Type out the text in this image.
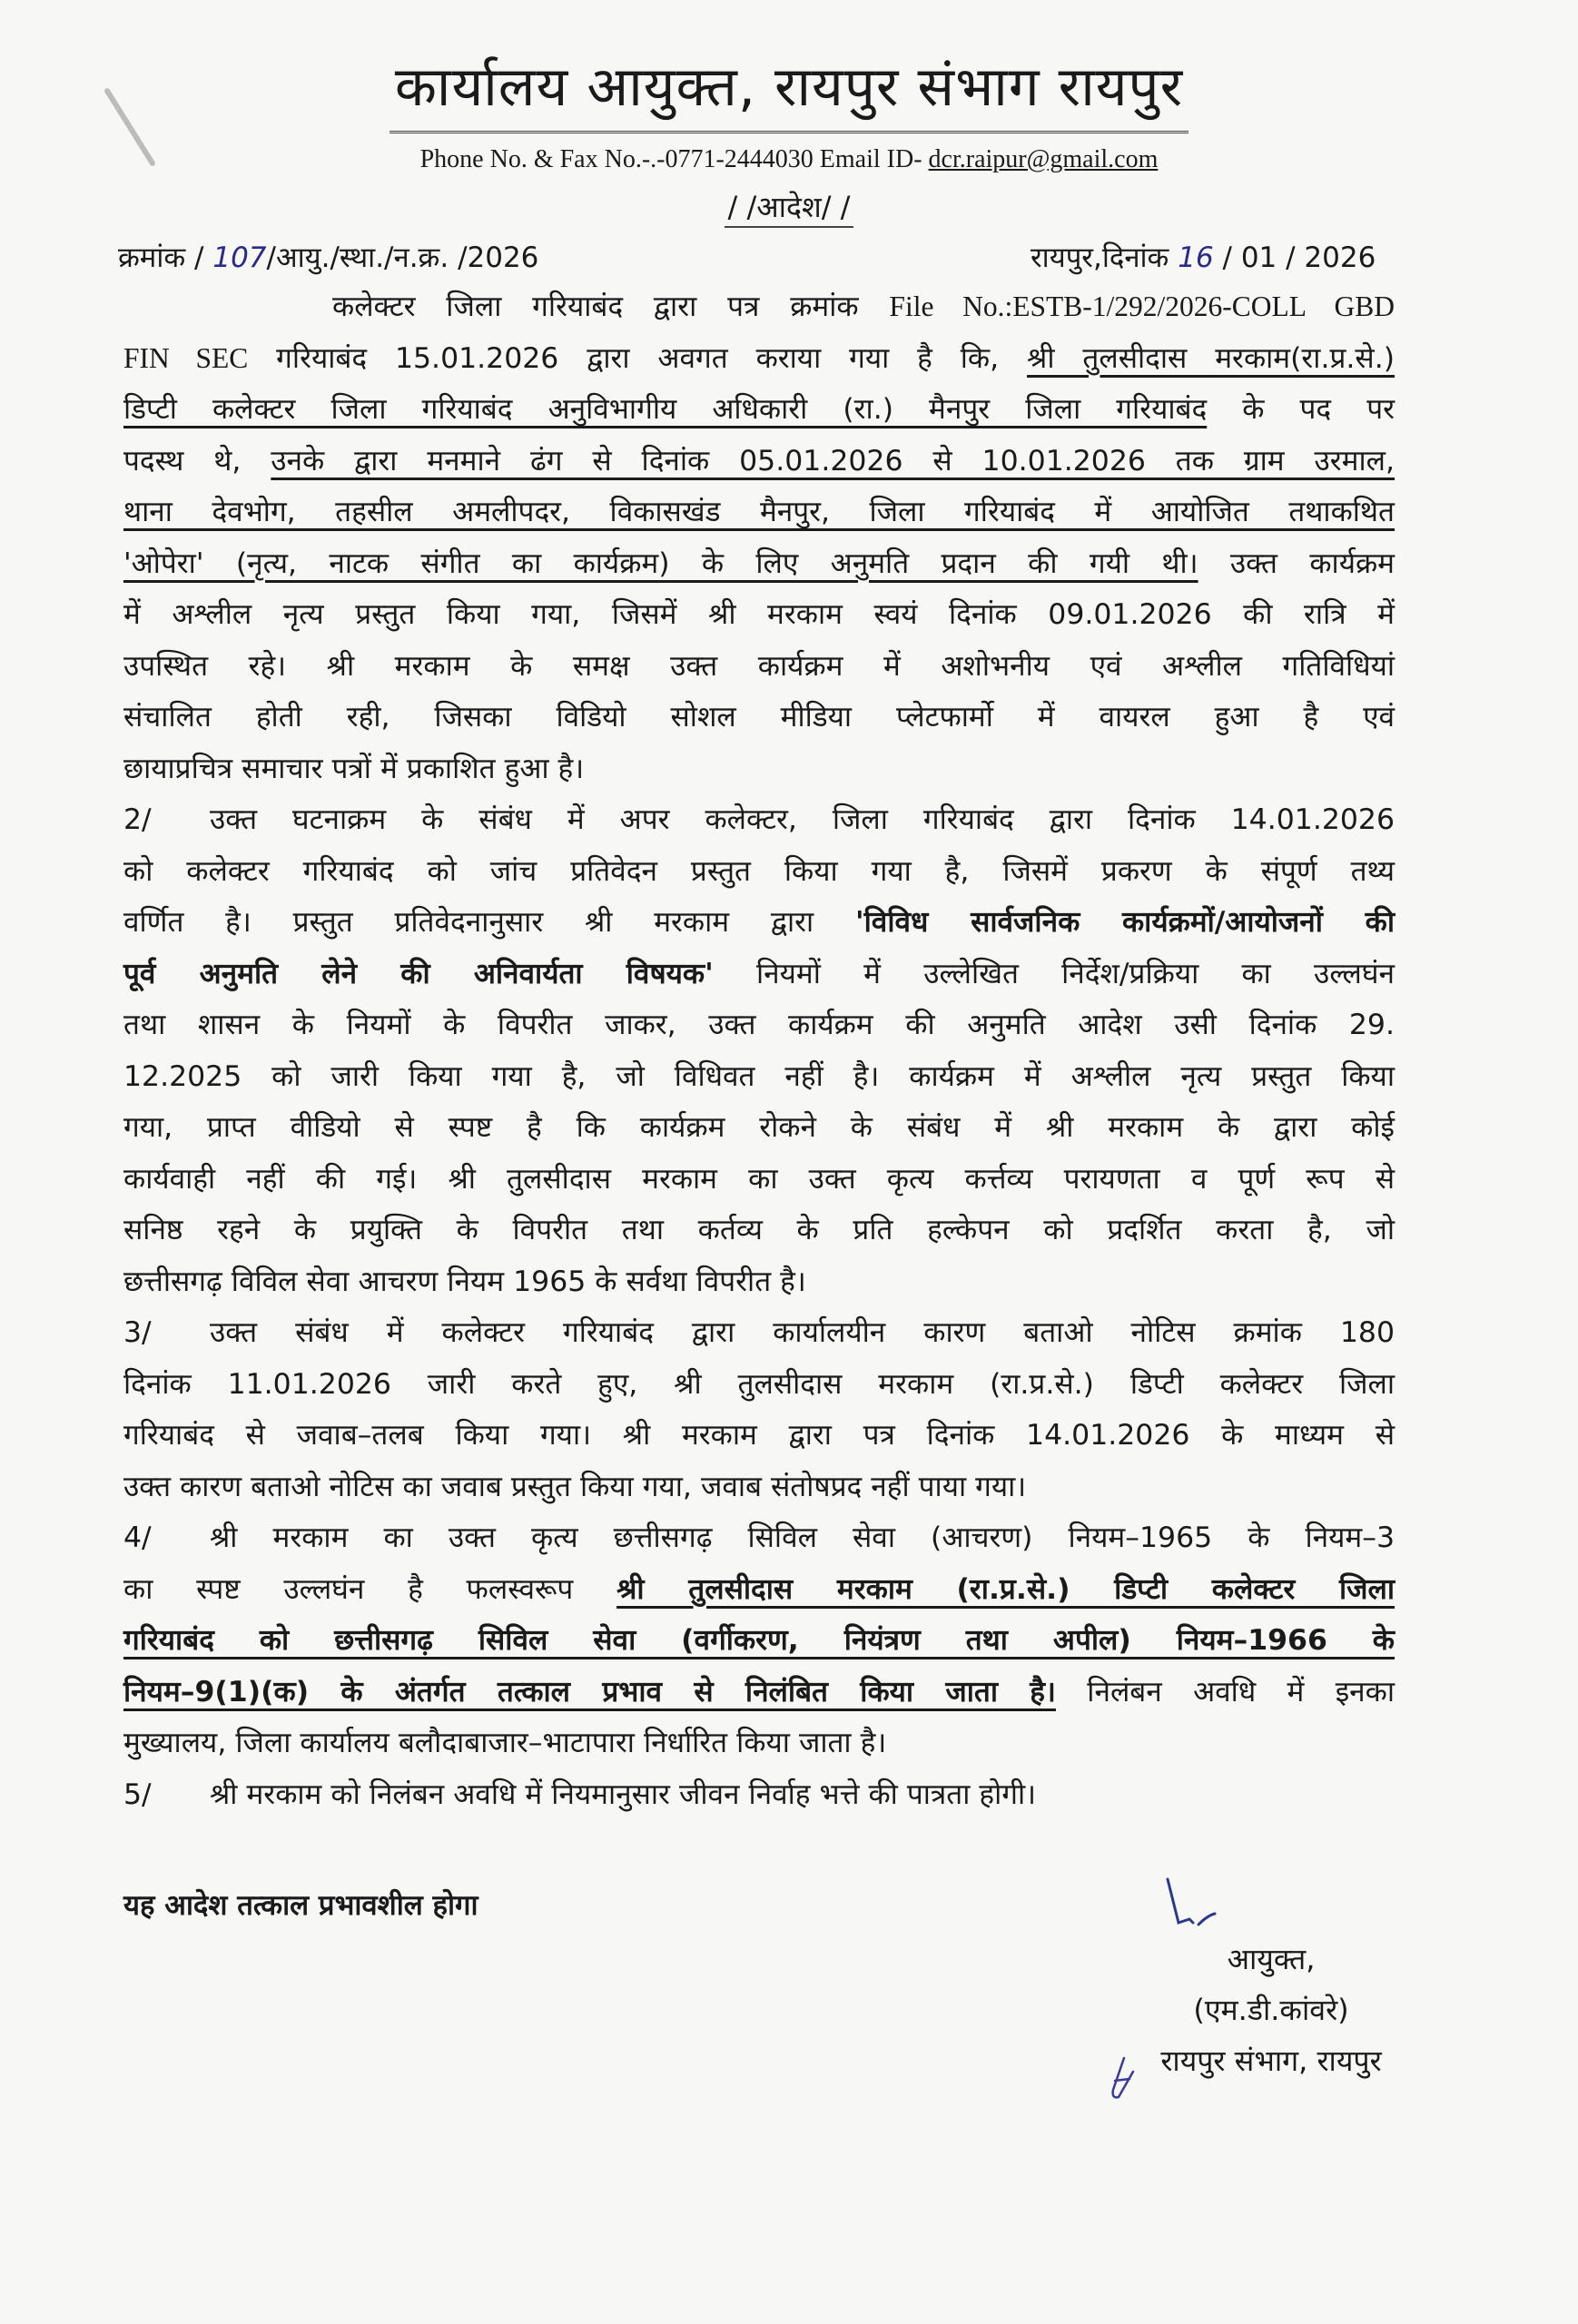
कार्यालय आयुक्त, रायपुर संभाग रायपुर
Phone No. & Fax No.-.-0771-2444030 Email ID- dcr.raipur@gmail.com
/ /आदेश/ /
क्रमांक / 107/आयु./स्था./न.क्र. /2026	रायपुर,दिनांक 16 / 01 / 2026
कलेक्टर जिला गरियाबंद द्वारा पत्र क्रमांक File No.:ESTB-1/292/2026-COLL GBD
FIN SEC गरियाबंद 15.01.2026 द्वारा अवगत कराया गया है कि, श्री तुलसीदास मरकाम(रा.प्र.से.)
डिप्टी कलेक्टर जिला गरियाबंद अनुविभागीय अधिकारी (रा.) मैनपुर जिला गरियाबंद के पद पर
पदस्थ थे, उनके द्वारा मनमाने ढंग से दिनांक 05.01.2026 से 10.01.2026 तक ग्राम उरमाल,
थाना देवभोग, तहसील अमलीपदर, विकासखंड मैनपुर, जिला गरियाबंद में आयोजित तथाकथित
'ओपेरा' (नृत्य, नाटक संगीत का कार्यक्रम) के लिए अनुमति प्रदान की गयी थी। उक्त कार्यक्रम
में अश्लील नृत्य प्रस्तुत किया गया, जिसमें श्री मरकाम स्वयं दिनांक 09.01.2026 की रात्रि में
उपस्थित रहे। श्री मरकाम के समक्ष उक्त कार्यक्रम में अशोभनीय एवं अश्लील गतिविधियां
संचालित होती रही, जिसका विडियो सोशल मीडिया प्लेटफार्मो में वायरल हुआ है एवं
छायाप्रचित्र समाचार पत्रों में प्रकाशित हुआ है।
2/ उक्त घटनाक्रम के संबंध में अपर कलेक्टर, जिला गरियाबंद द्वारा दिनांक 14.01.2026
को कलेक्टर गरियाबंद को जांच प्रतिवेदन प्रस्तुत किया गया है, जिसमें प्रकरण के संपूर्ण तथ्य
वर्णित है। प्रस्तुत प्रतिवेदनानुसार श्री मरकाम द्वारा 'विविध सार्वजनिक कार्यक्रमों/आयोजनों की
पूर्व अनुमति लेने की अनिवार्यता विषयक' नियमों में उल्लेखित निर्देश/प्रक्रिया का उल्लघंन
तथा शासन के नियमों के विपरीत जाकर, उक्त कार्यक्रम की अनुमति आदेश उसी दिनांक 29.
12.2025 को जारी किया गया है, जो विधिवत नहीं है। कार्यक्रम में अश्लील नृत्य प्रस्तुत किया
गया, प्राप्त वीडियो से स्पष्ट है कि कार्यक्रम रोकने के संबंध में श्री मरकाम के द्वारा कोई
कार्यवाही नहीं की गई। श्री तुलसीदास मरकाम का उक्त कृत्य कर्त्तव्य परायणता व पूर्ण रूप से
सनिष्ठ रहने के प्रयुक्ति के विपरीत तथा कर्तव्य के प्रति हल्केपन को प्रदर्शित करता है, जो
छत्तीसगढ़ विविल सेवा आचरण नियम 1965 के सर्वथा विपरीत है।
3/ उक्त संबंध में कलेक्टर गरियाबंद द्वारा कार्यालयीन कारण बताओ नोटिस क्रमांक 180
दिनांक 11.01.2026 जारी करते हुए, श्री तुलसीदास मरकाम (रा.प्र.से.) डिप्टी कलेक्टर जिला
गरियाबंद से जवाब–तलब किया गया। श्री मरकाम द्वारा पत्र दिनांक 14.01.2026 के माध्यम से
उक्त कारण बताओ नोटिस का जवाब प्रस्तुत किया गया, जवाब संतोषप्रद नहीं पाया गया।
4/ श्री मरकाम का उक्त कृत्य छत्तीसगढ़ सिविल सेवा (आचरण) नियम–1965 के नियम–3
का स्पष्ट उल्लघंन है फलस्वरूप श्री तुलसीदास मरकाम (रा.प्र.से.) डिप्टी कलेक्टर जिला
गरियाबंद को छत्तीसगढ़ सिविल सेवा (वर्गीकरण, नियंत्रण तथा अपील) नियम–1966 के
नियम–9(1)(क) के अंतर्गत तत्काल प्रभाव से निलंबित किया जाता है। निलंबन अवधि में इनका
मुख्यालय, जिला कार्यालय बलौदाबाजार–भाटापारा निर्धारित किया जाता है।
5/ श्री मरकाम को निलंबन अवधि में नियमानुसार जीवन निर्वाह भत्ते की पात्रता होगी।
यह आदेश तत्काल प्रभावशील होगा
आयुक्त,
(एम.डी.कांवरे)
रायपुर संभाग, रायपुर
